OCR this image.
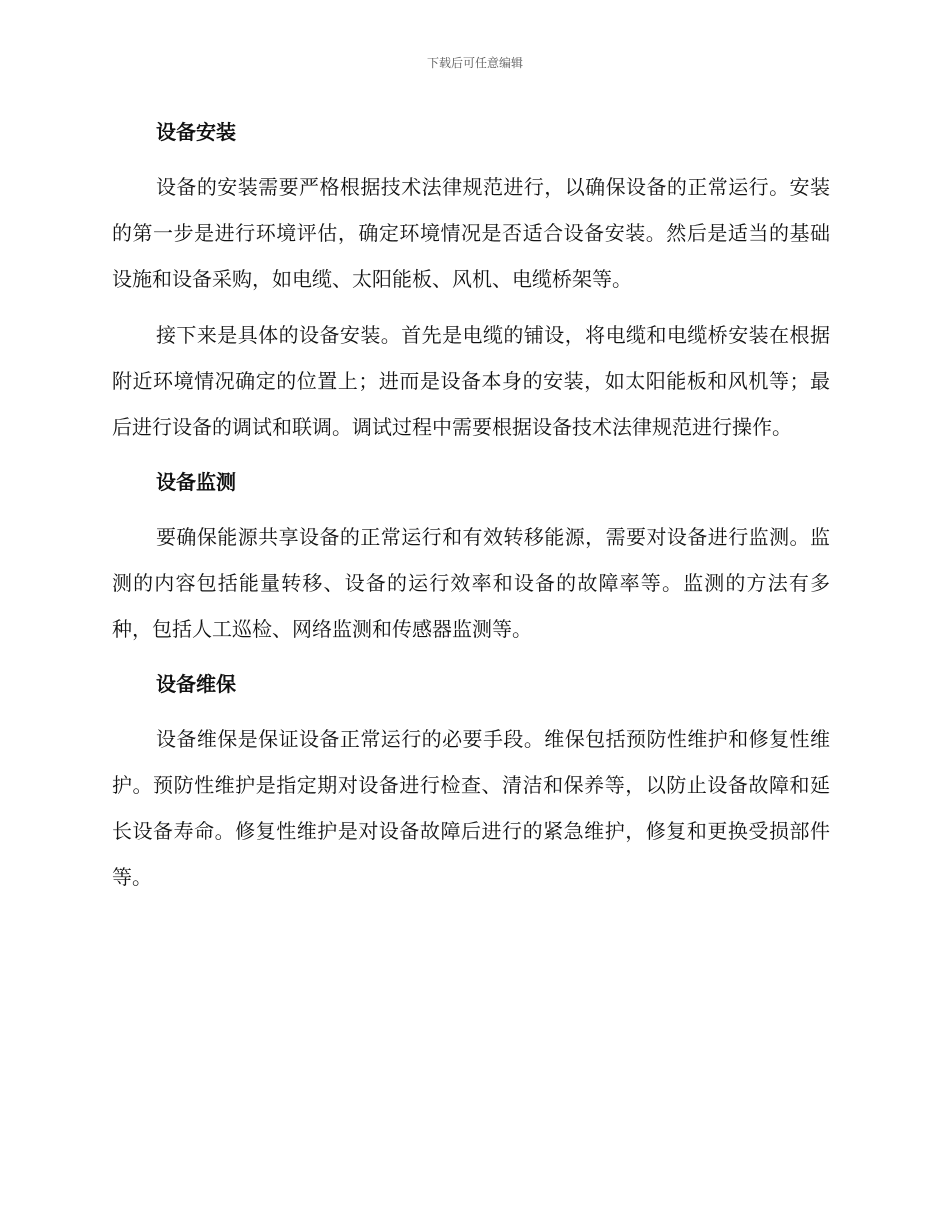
下载后可任意编辑
设备安装

设备的安装需要严格根据技术法律规范进行，以确保设备的正常运行。安装的第一步是进行环境评估，确定环境情况是否适合设备安装。然后是适当的基础设施和设备采购，如电缆、太阳能板、风机、电缆桥架等。

接下来是具体的设备安装。首先是电缆的铺设，将电缆和电缆桥安装在根据附近环境情况确定的位置上；进而是设备本身的安装，如太阳能板和风机等；最后进行设备的调试和联调。调试过程中需要根据设备技术法律规范进行操作。

设备监测

要确保能源共享设备的正常运行和有效转移能源，需要对设备进行监测。监测的内容包括能量转移、设备的运行效率和设备的故障率等。监测的方法有多种，包括人工巡检、网络监测和传感器监测等。

设备维保

设备维保是保证设备正常运行的必要手段。维保包括预防性维护和修复性维护。预防性维护是指定期对设备进行检查、清洁和保养等，以防止设备故障和延长设备寿命。修复性维护是对设备故障后进行的紧急维护，修复和更换受损部件等。
